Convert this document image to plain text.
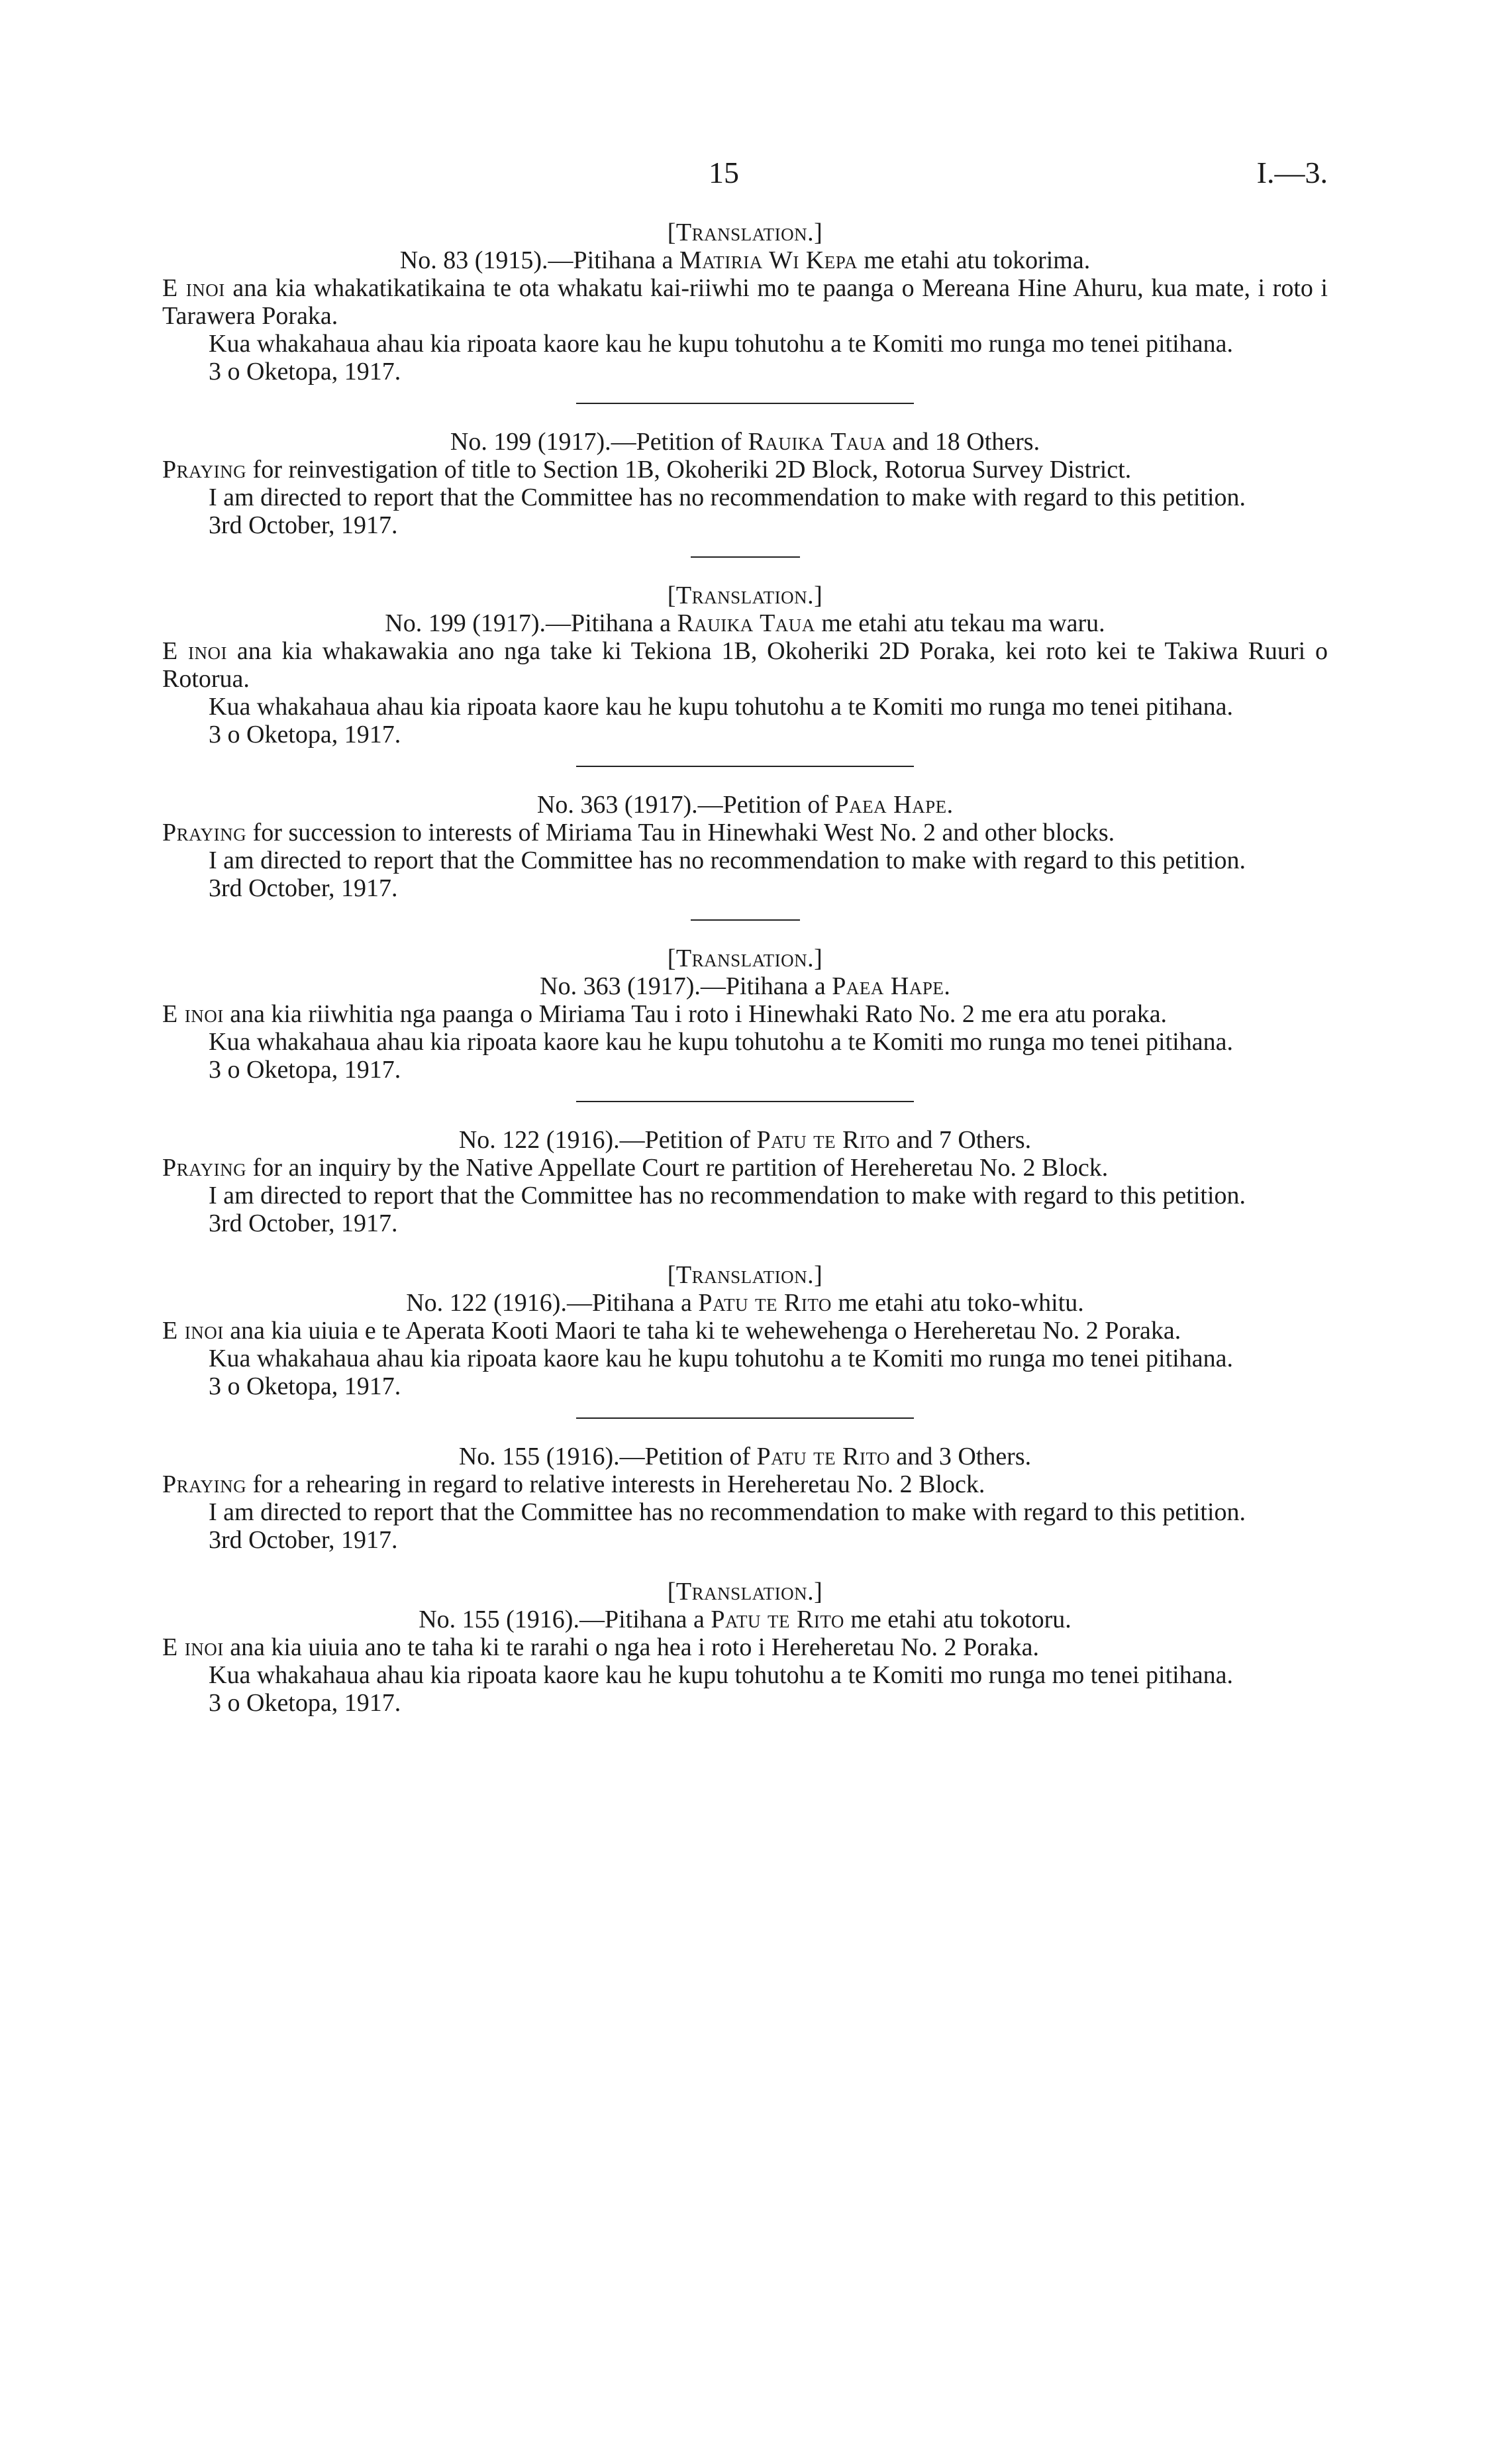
15	I.—3.

[Translation.]

No. 83 (1915).—Pitihana a Matiria Wi Kepa me etahi atu tokorima.

E inoi ana kia whakatikatikaina te ota whakatu kai-riiwhi mo te paanga o Mereana Hine Ahuru, kua mate, i roto i Tarawera Poraka.

Kua whakahaua ahau kia ripoata kaore kau he kupu tohutohu a te Komiti mo runga mo tenei pitihana.

3 o Oketopa, 1917.

No. 199 (1917).—Petition of Rauika Taua and 18 Others.

Praying for reinvestigation of title to Section 1B, Okoheriki 2D Block, Rotorua Survey District.

I am directed to report that the Committee has no recommendation to make with regard to this petition.

3rd October, 1917.

[Translation.]

No. 199 (1917).—Pitihana a Rauika Taua me etahi atu tekau ma waru.

E inoi ana kia whakawakia ano nga take ki Tekiona 1B, Okoheriki 2D Poraka, kei roto kei te Takiwa Ruuri o Rotorua.

Kua whakahaua ahau kia ripoata kaore kau he kupu tohutohu a te Komiti mo runga mo tenei pitihana.

3 o Oketopa, 1917.

No. 363 (1917).—Petition of Paea Hape.

Praying for succession to interests of Miriama Tau in Hinewhaki West No. 2 and other blocks.

I am directed to report that the Committee has no recommendation to make with regard to this petition.

3rd October, 1917.

[Translation.]

No. 363 (1917).—Pitihana a Paea Hape.

E inoi ana kia riiwhitia nga paanga o Miriama Tau i roto i Hinewhaki Rato No. 2 me era atu poraka.

Kua whakahaua ahau kia ripoata kaore kau he kupu tohutohu a te Komiti mo runga mo tenei pitihana.

3 o Oketopa, 1917.

No. 122 (1916).—Petition of Patu te Rito and 7 Others.

Praying for an inquiry by the Native Appellate Court re partition of Hereheretau No. 2 Block.

I am directed to report that the Committee has no recommendation to make with regard to this petition.

3rd October, 1917.

[Translation.]

No. 122 (1916).—Pitihana a Patu te Rito me etahi atu toko-whitu.

E inoi ana kia uiuia e te Aperata Kooti Maori te taha ki te wehewehenga o Hereheretau No. 2 Poraka.

Kua whakahaua ahau kia ripoata kaore kau he kupu tohutohu a te Komiti mo runga mo tenei pitihana.

3 o Oketopa, 1917.

No. 155 (1916).—Petition of Patu te Rito and 3 Others.

Praying for a rehearing in regard to relative interests in Hereheretau No. 2 Block.

I am directed to report that the Committee has no recommendation to make with regard to this petition.

3rd October, 1917.

[Translation.]

No. 155 (1916).—Pitihana a Patu te Rito me etahi atu tokotoru.

E inoi ana kia uiuia ano te taha ki te rarahi o nga hea i roto i Hereheretau No. 2 Poraka.

Kua whakahaua ahau kia ripoata kaore kau he kupu tohutohu a te Komiti mo runga mo tenei pitihana.

3 o Oketopa, 1917.
